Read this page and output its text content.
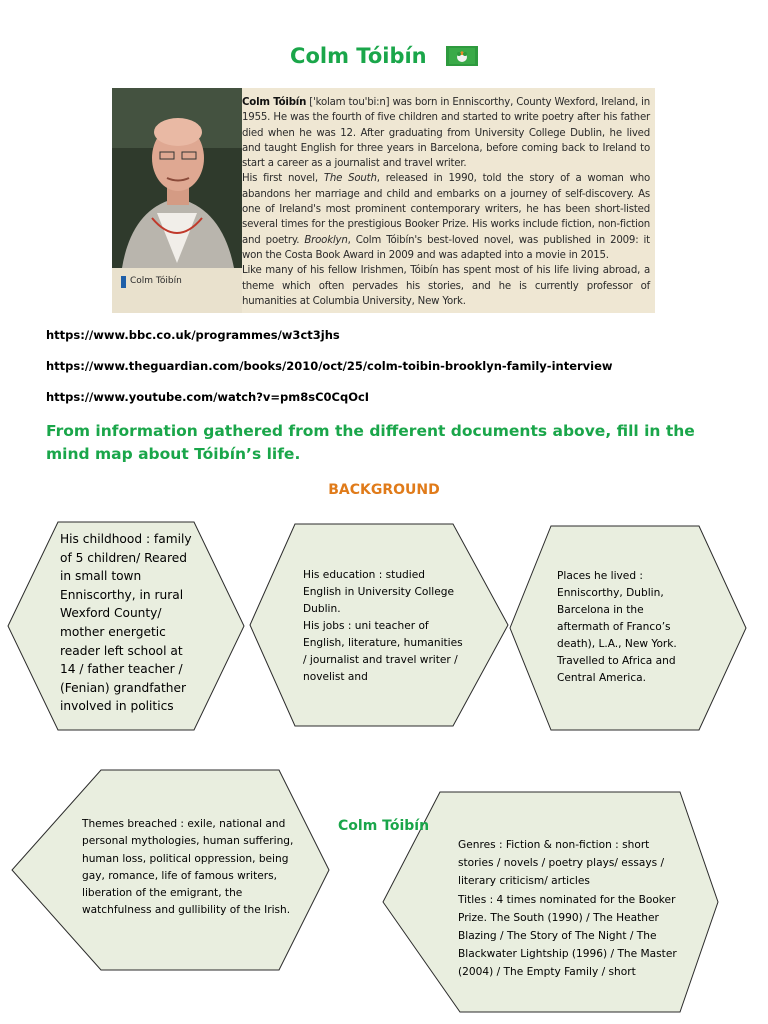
Colm Tóibín
Colm Tóibín

Colm Tóibín ['kolam tou'bi:n] was born in Enniscorthy, County Wexford, Ireland, in 1955. He was the fourth of five children and started to write poetry after his father died when he was 12. After graduating from University College Dublin, he lived and taught English for three years in Barcelona, before coming back to Ireland to start a career as a journalist and travel writer.

His first novel, The South, released in 1990, told the story of a woman who abandons her marriage and child and embarks on a journey of self-discovery. As one of Ireland's most prominent contemporary writers, he has been short-listed several times for the prestigious Booker Prize. His works include fiction, non-fiction and poetry. Brooklyn, Colm Tóibín's best-loved novel, was published in 2009: it won the Costa Book Award in 2009 and was adapted into a movie in 2015.

Like many of his fellow Irishmen, Tóibín has spent most of his life living abroad, a theme which often pervades his stories, and he is currently professor of humanities at Columbia University, New York.

https://www.bbc.co.uk/programmes/w3ct3jhs
https://www.theguardian.com/books/2010/oct/25/colm-toibin-brooklyn-family-interview
https://www.youtube.com/watch?v=pm8sC0CqOcI
From information gathered from the different documents above, fill in the mind map about Tóibín’s life.
BACKGROUND
His childhood : family of 5 children/ Reared in small town Enniscorthy, in rural Wexford County/ mother energetic reader left school at 14 / father teacher / (Fenian) grandfather involved in politics

His education : studied English in University College Dublin.

His jobs : uni teacher of English, literature, humanities / journalist and travel writer / novelist and

Places he lived : Enniscorthy, Dublin, Barcelona in the aftermath of Franco’s death), L.A., New York. Travelled to Africa and Central America.

Themes breached : exile, national and personal mythologies, human suffering, human loss, political oppression, being gay, romance, life of famous writers,

liberation of the emigrant, the watchfulness and gullibility of the Irish.

Colm Tóibín

Genres : Fiction & non-fiction : short stories / novels / poetry plays/ essays / literary criticism/ articles

Titles : 4 times nominated for the Booker Prize. The South (1990) / The Heather Blazing / The Story of The Night / The Blackwater Lightship (1996) / The Master (2004) / The Empty Family / short
